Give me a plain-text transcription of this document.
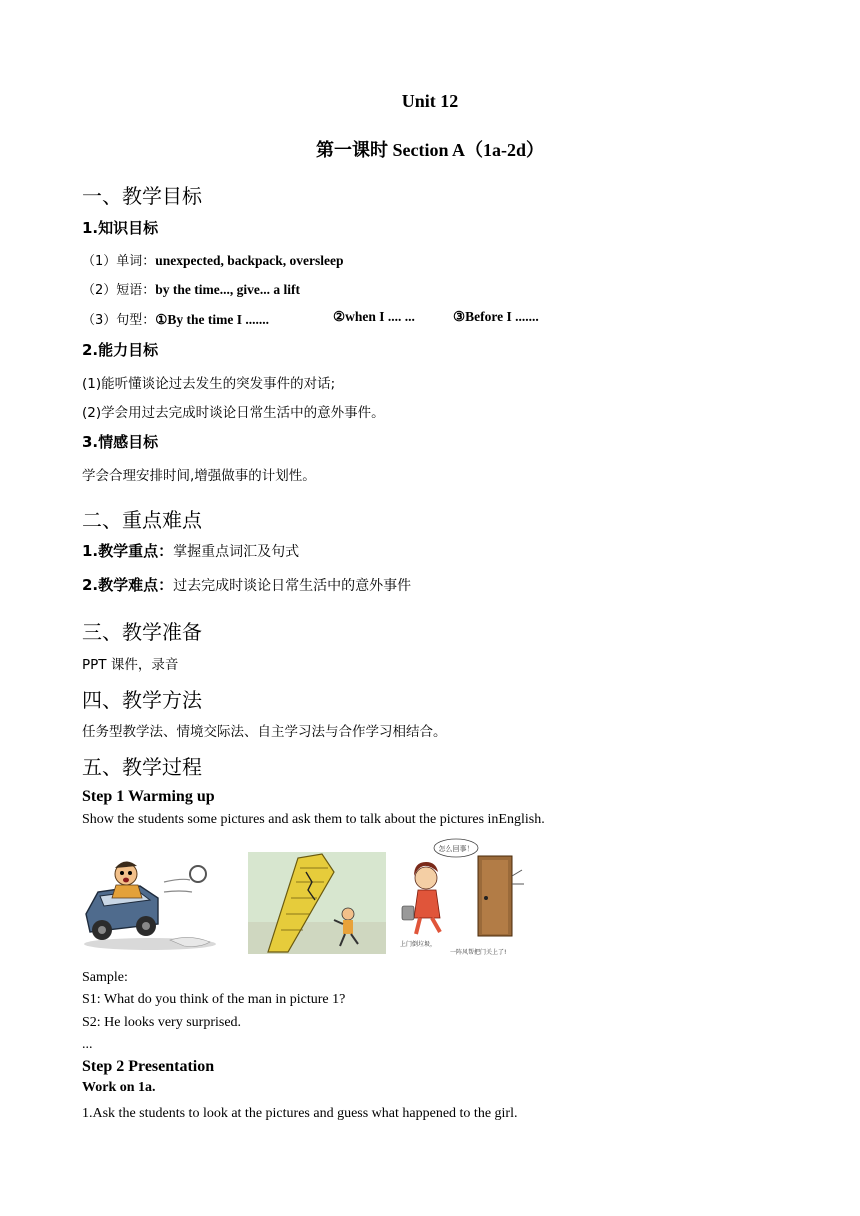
Unit 12
第一课时 Section A（1a-2d）
一、教学目标
1.知识目标
（1）单词：unexpected, backpack, oversleep
（2）短语：by the time..., give... a lift
（3）句型：①By the time I .......	②when I .... ...	③Before I .......
2.能力目标
(1)能听懂谈论过去发生的突发事件的对话;
(2)学会用过去完成时谈论日常生活中的意外事件。
3.情感目标
学会合理安排时间,增强做事的计划性。
二、重点难点
1.教学重点：掌握重点词汇及句式
2.教学难点：过去完成时谈论日常生活中的意外事件
三、教学准备
PPT 课件，录音
四、教学方法
任务型教学法、情境交际法、自主学习法与合作学习相结合。
五、教学过程
Step 1 Warming up
Show the students some pictures and ask them to talk about the pictures inEnglish.
怎么回事！
上门倒垃圾，
一阵风帮把门关上了!
Sample:
S1: What do you think of the man in picture 1?
S2: He looks very surprised.
...
Step 2 Presentation
Work on 1a.
1.Ask the students to look at the pictures and guess what happened to the girl.
